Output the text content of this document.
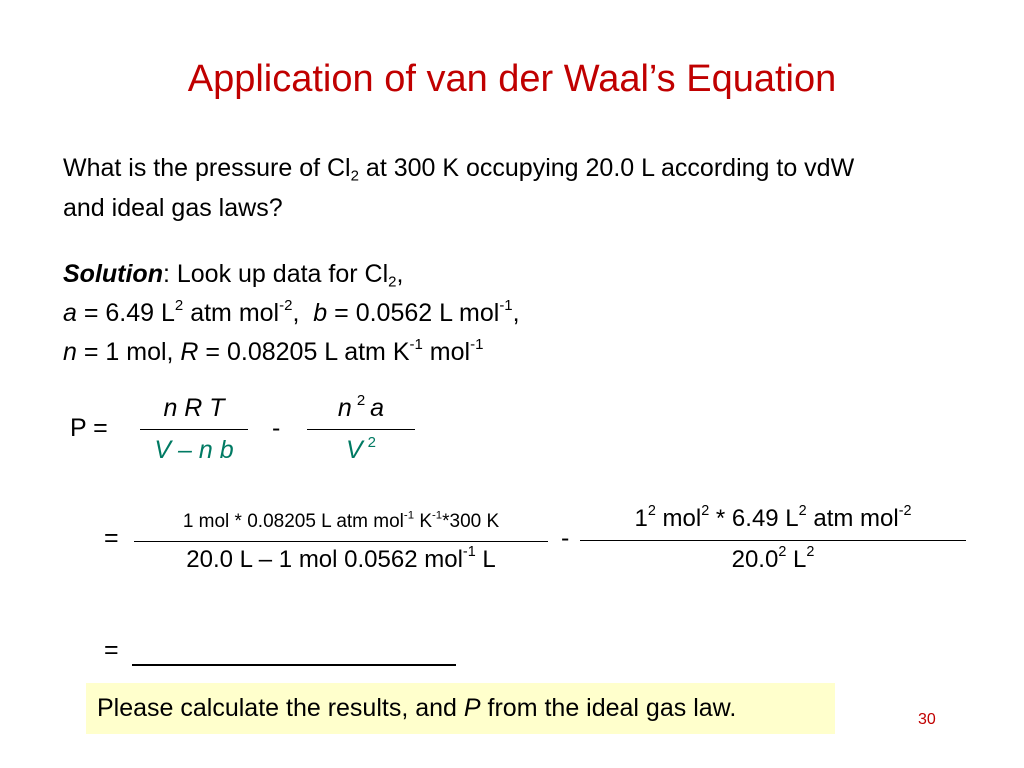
Application of van der Waal’s Equation
What is the pressure of $Cl_2$ at 300 K occupying 20.0 L according to vdW
and ideal gas laws?
Solution: Look up data for $Cl_2$,
a = 6.49 $L^2$ atm mol$^{-2}$,  b = 0.0562 L mol$^{-1}$,
n = 1 mol, R = 0.08205 L atm $K^{-1}$ mol$^{-1}$
P =
n R T
V – n b
-
n $^2$ a
V $^2$
=
1 mol * 0.08205 L atm mol$^{-1}$ $K^{-1}*300$ K
20.0 L – 1 mol 0.0562 mol$^{-1}$ L
-
$1^2$ mol$^2$ * 6.49 $L^2$ atm mol$^{-2}$
20.0$^2$ $L^2$
=
Please calculate the results, and P from the ideal gas law.	30
